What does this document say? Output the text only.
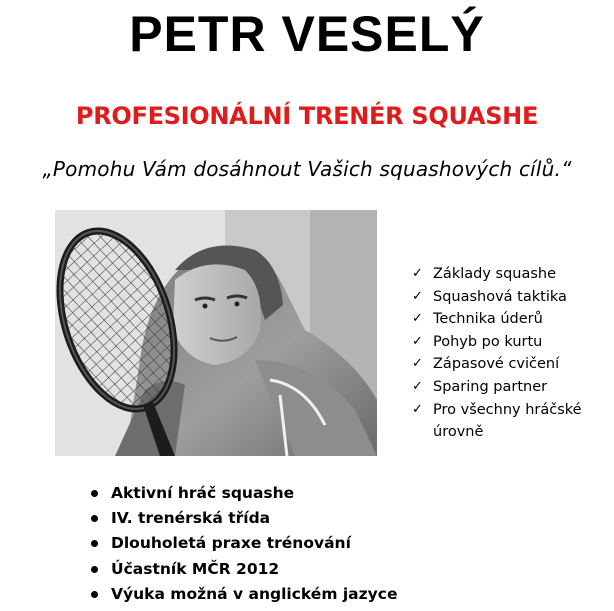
PETR VESELÝ
PROFESIONÁLNÍ TRENÉR SQUASHE

„Pomohu Vám dosáhnout Vašich squashových cílů.“

✓ Základy squashe
✓ Squashová taktika
✓ Technika úderů
✓ Pohyb po kurtu
✓ Zápasové cvičení
✓ Sparing partner
✓ Pro všechny hráčské úrovně
Aktivní hráč squashe
IV. trenérská třída
Dlouholetá praxe trénování
Účastník MČR 2012
Výuka možná v anglickém jazyce
